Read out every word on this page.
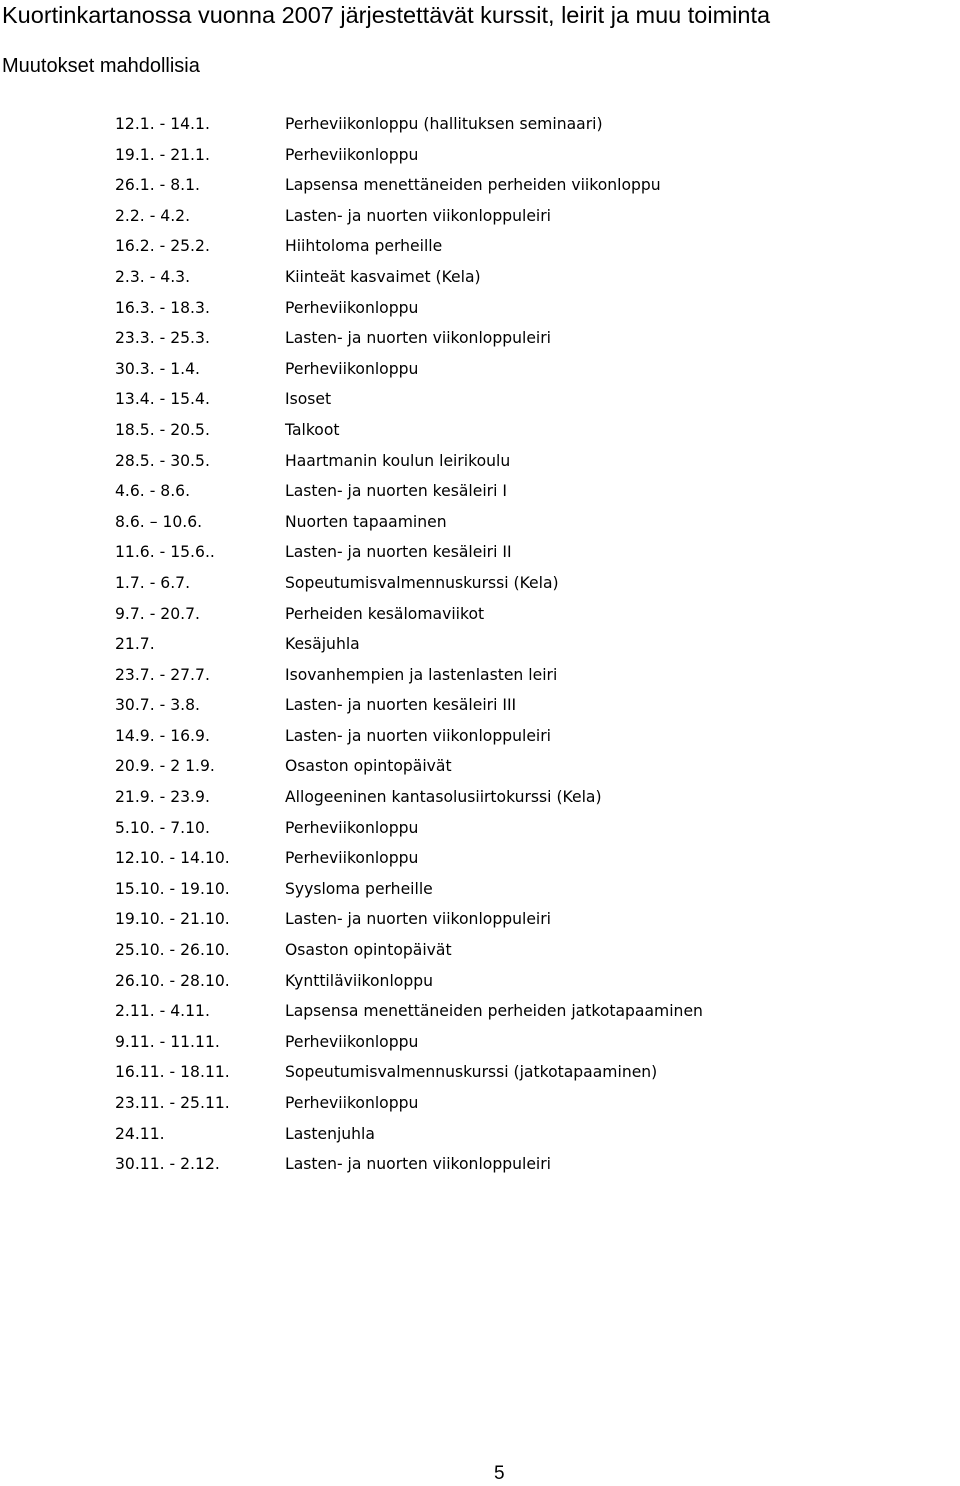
Kuortinkartanossa vuonna 2007 järjestettävät kurssit, leirit ja muu toiminta
Muutokset mahdollisia
12.1. - 14.1.	Perheviikonloppu (hallituksen seminaari)
19.1. - 21.1.	Perheviikonloppu
26.1. - 8.1.	Lapsensa menettäneiden perheiden viikonloppu
2.2. - 4.2.	Lasten- ja nuorten viikonloppuleiri
16.2. - 25.2.	Hiihtoloma perheille
2.3. - 4.3.	Kiinteät kasvaimet (Kela)
16.3. - 18.3.	Perheviikonloppu
23.3. - 25.3.	Lasten- ja nuorten viikonloppuleiri
30.3. - 1.4.	Perheviikonloppu
13.4. - 15.4.	Isoset
18.5. - 20.5.	Talkoot
28.5. - 30.5.	Haartmanin koulun leirikoulu
4.6. - 8.6.	Lasten- ja nuorten kesäleiri I
8.6. – 10.6.	Nuorten tapaaminen
11.6. - 15.6..	Lasten- ja nuorten kesäleiri II
1.7. - 6.7.	Sopeutumisvalmennuskurssi (Kela)
9.7. - 20.7.	Perheiden kesälomaviikot
21.7.	Kesäjuhla
23.7. - 27.7.	Isovanhempien ja lastenlasten leiri
30.7. - 3.8.	Lasten- ja nuorten kesäleiri III
14.9. - 16.9.	Lasten- ja nuorten viikonloppuleiri
20.9. - 2 1.9.	Osaston opintopäivät
21.9. - 23.9.	Allogeeninen kantasolusiirtokurssi (Kela)
5.10. - 7.10.	Perheviikonloppu
12.10. - 14.10.	Perheviikonloppu
15.10. - 19.10.	Syysloma perheille
19.10. - 21.10.	Lasten- ja nuorten viikonloppuleiri
25.10. - 26.10.	Osaston opintopäivät
26.10. - 28.10.	Kynttiläviikonloppu
2.11. - 4.11.	Lapsensa menettäneiden perheiden jatkotapaaminen
9.11. - 11.11.	Perheviikonloppu
16.11. - 18.11.	Sopeutumisvalmennuskurssi (jatkotapaaminen)
23.11. - 25.11.	Perheviikonloppu
24.11.	Lastenjuhla
30.11. - 2.12.	Lasten- ja nuorten viikonloppuleiri
5
